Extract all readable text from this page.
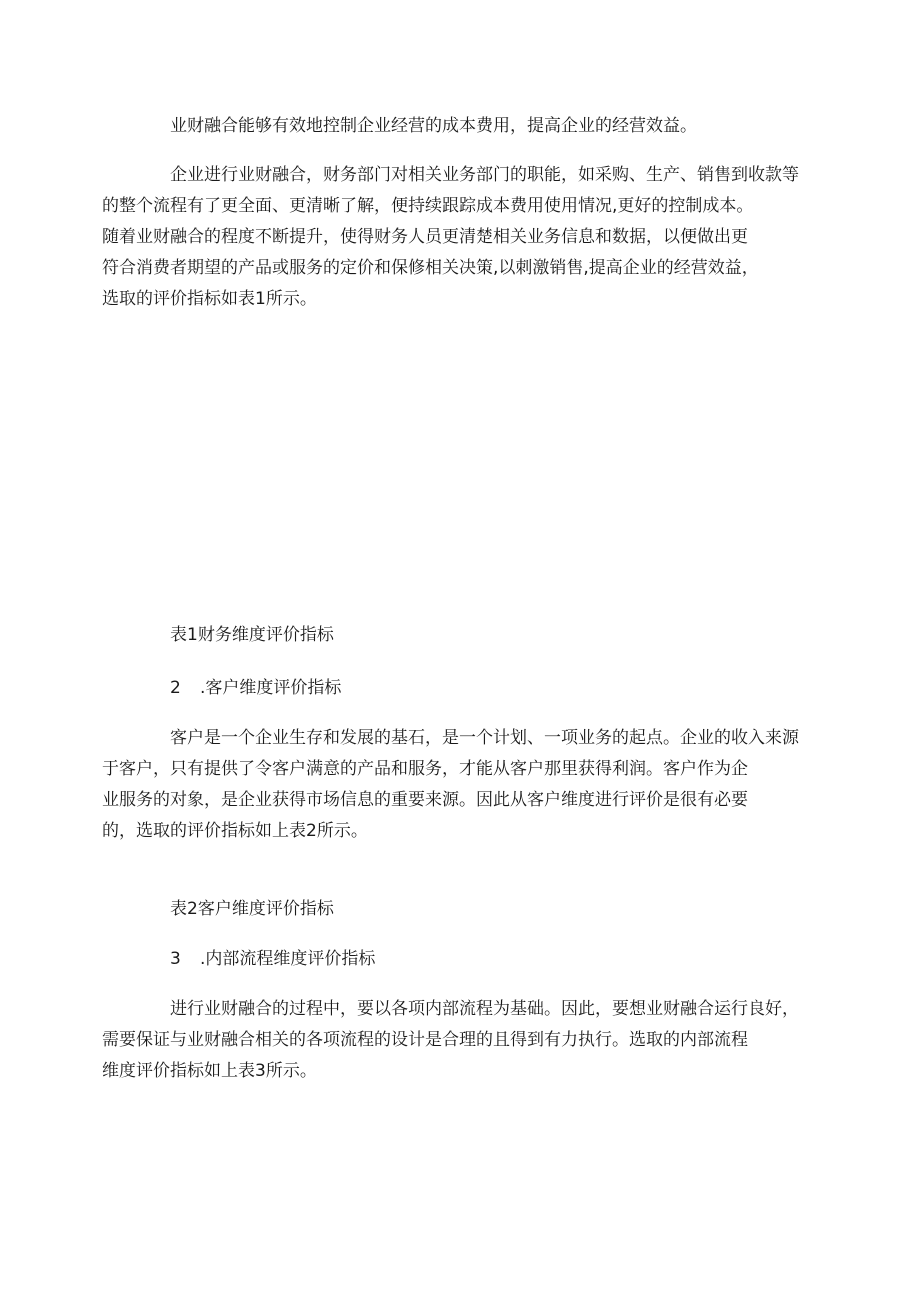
业财融合能够有效地控制企业经营的成本费用，提高企业的经营效益。

企业进行业财融合，财务部门对相关业务部门的职能，如采购、生产、销售到收款等
的整个流程有了更全面、更清晰了解，便持续跟踪成本费用使用情况,更好的控制成本。
随着业财融合的程度不断提升，使得财务人员更清楚相关业务信息和数据，以便做出更
符合消费者期望的产品或服务的定价和保修相关决策,以刺激销售,提高企业的经营效益，
选取的评价指标如表1所示。

表1财务维度评价指标

2 .客户维度评价指标

客户是一个企业生存和发展的基石，是一个计划、一项业务的起点。企业的收入来源
于客户，只有提供了令客户满意的产品和服务，才能从客户那里获得利润。客户作为企
业服务的对象，是企业获得市场信息的重要来源。因此从客户维度进行评价是很有必要
的，选取的评价指标如上表2所示。

表2客户维度评价指标

3 .内部流程维度评价指标

进行业财融合的过程中，要以各项内部流程为基础。因此，要想业财融合运行良好，
需要保证与业财融合相关的各项流程的设计是合理的且得到有力执行。选取的内部流程
维度评价指标如上表3所示。
